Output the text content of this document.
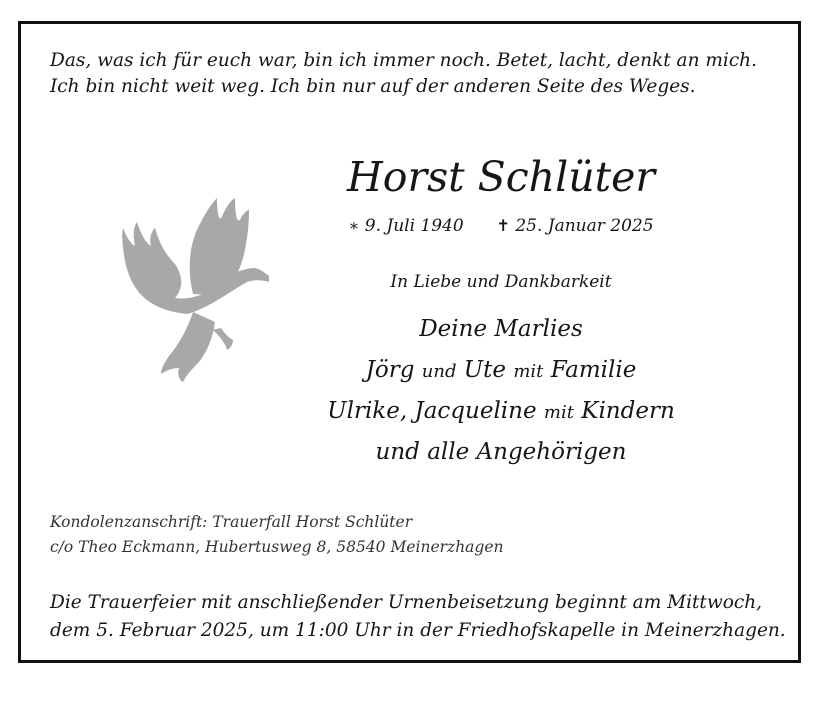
Das, was ich für euch war, bin ich immer noch. Betet, lacht, denkt an mich.
Ich bin nicht weit weg. Ich bin nur auf der anderen Seite des Weges.
Horst Schlüter
∗ 9. Juli 1940 ✝ 25. Januar 2025
In Liebe und Dankbarkeit
Deine Marlies
Jörg und Ute mit Familie
Ulrike, Jacqueline mit Kindern
und alle Angehörigen
Kondolenzanschrift: Trauerfall Horst Schlüter
c/o Theo Eckmann, Hubertusweg 8, 58540 Meinerzhagen
Die Trauerfeier mit anschließender Urnenbeisetzung beginnt am Mittwoch,
dem 5. Februar 2025, um 11:00 Uhr in der Friedhofskapelle in Meinerzhagen.
